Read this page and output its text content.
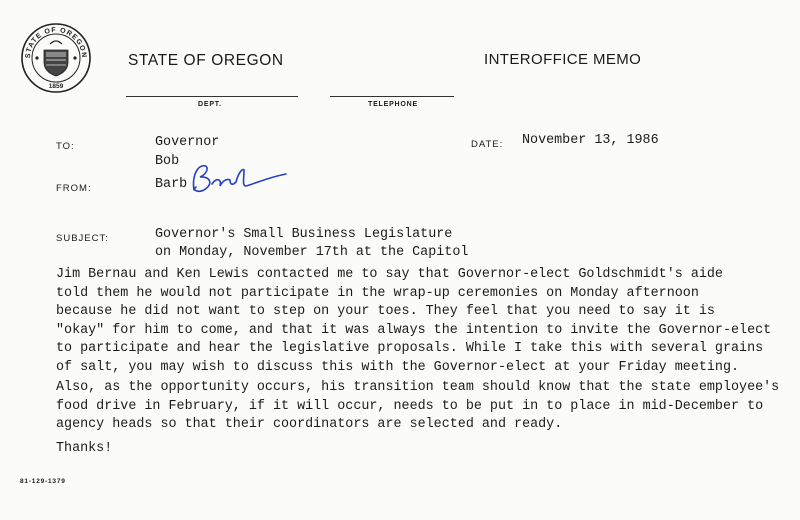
STATE OF OREGON
1859
STATE OF OREGON	INTEROFFICE MEMO
DEPT.	TELEPHONE
TO:	Governor
Bob
DATE: November 13, 1986
FROM:	Barb
SUBJECT:	Governor's Small Business Legislature
on Monday, November 17th at the Capitol
Jim Bernau and Ken Lewis contacted me to say that Governor-elect Goldschmidt's aide
told them he would not participate in the wrap-up ceremonies on Monday afternoon
because he did not want to step on your toes. They feel that you need to say it is
"okay" for him to come, and that it was always the intention to invite the Governor-elect
to participate and hear the legislative proposals. While I take this with several grains
of salt, you may wish to discuss this with the Governor-elect at your Friday meeting.
Also, as the opportunity occurs, his transition team should know that the state employee's
food drive in February, if it will occur, needs to be put in to place in mid-December to
agency heads so that their coordinators are selected and ready.
Thanks!
81-129-1379
